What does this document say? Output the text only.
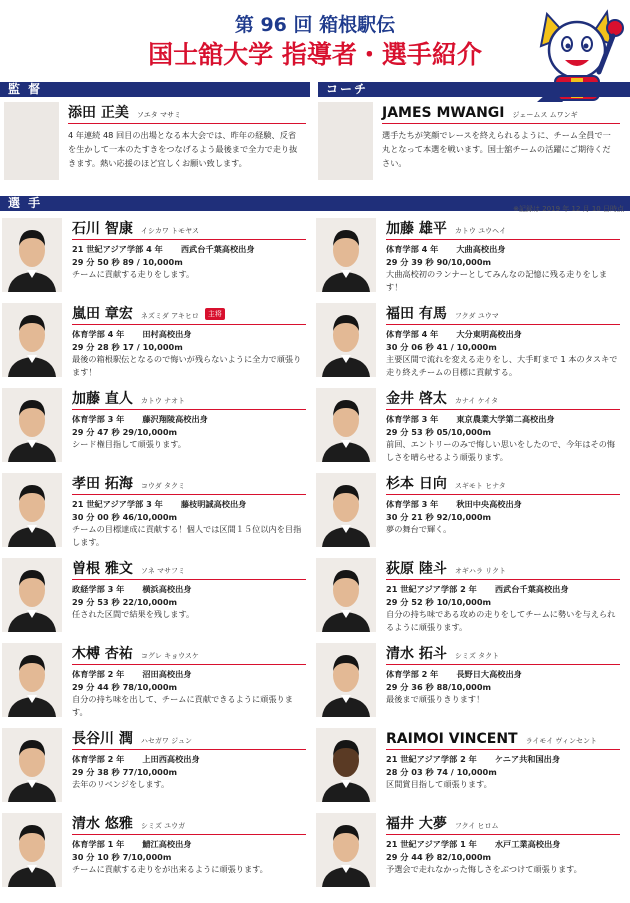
第 96 回 箱根駅伝
国士舘大学 指導者・選手紹介
監 督	コーチ
選 手	※記録は 2019 年 12 月 10 日時点
添田 正美 ソエタ マサミ
4 年連続 48 回目の出場となる本大会では、昨年の経験、反省を生かして一本のたすきをつなげるよう最後まで全力で走り抜きます。熱い応援のほど宜しくお願い致します。
JAMES MWANGI ジェームス ムワンギ
選手たちが笑顔でレースを終えられるように、チーム全員で一丸となって本選を戦います。国士舘チームの活躍にご期待ください。
石川 智康 イシカワ トモヤス
21 世紀アジア学部 4 年 西武台千葉高校出身
29 分 50 秒 89 / 10,000m
チームに貢献する走りをします。
加藤 雄平 カトウ ユウヘイ
体育学部 4 年 大曲高校出身
29 分 39 秒 90/10,000m
大曲高校初のランナーとしてみんなの記憶に残る走りをします！
嵐田 章宏 ネズミダ アキヒロ 主将
体育学部 4 年 田村高校出身
29 分 28 秒 17 / 10,000m
最後の箱根駅伝となるので悔いが残らないように全力で頑張ります！
福田 有馬 フクダ ユウマ
体育学部 4 年 大分東明高校出身
30 分 06 秒 41 / 10,000m
主要区間で流れを変える走りをし、大手町まで 1 本のタスキで走り終えチームの目標に貢献する。
加藤 直人 カトウ ナオト
体育学部 3 年 藤沢翔陵高校出身
29 分 47 秒 29/10,000m
シード権目指して頑張ります。
金井 啓太 カナイ ケイタ
体育学部 3 年 東京農業大学第二高校出身
29 分 53 秒 05/10,000m
前回、エントリーのみで悔しい思いをしたので、今年はその悔しさを晴らせるよう頑張ります。
孝田 拓海 コウダ タクミ
21 世紀アジア学部 3 年 藤枝明誠高校出身
30 分 00 秒 46/10,000m
チームの目標達成に貢献する！個人では区間１５位以内を目指します。
杉本 日向 スギモト ヒナタ
体育学部 3 年 秋田中央高校出身
30 分 21 秒 92/10,000m
夢の舞台で輝く。
曽根 雅文 ソネ マサフミ
政経学部 3 年 横浜高校出身
29 分 53 秒 22/10,000m
任された区間で結果を残します。
荻原 陸斗 オギハラ リクト
21 世紀アジア学部 2 年 西武台千葉高校出身
29 分 52 秒 10/10,000m
自分の持ち味である攻めの走りをしてチームに勢いを与えられるように頑張ります。
木榑 杏祐 コグレ キョウスケ
体育学部 2 年 沼田高校出身
29 分 44 秒 78/10,000m
自分の持ち味を出して、チームに貢献できるように頑張ります。
清水 拓斗 シミズ タクト
体育学部 2 年 長野日大高校出身
29 分 36 秒 88/10,000m
最後まで頑張りきります！
長谷川 潤 ハセガワ ジュン
体育学部 2 年 上田西高校出身
29 分 38 秒 77/10,000m
去年のリベンジをします。
RAIMOI VINCENT ライモイ ヴィンセント
21 世紀アジア学部 2 年 ケニア共和国出身
28 分 03 秒 74 / 10,000m
区間賞目指して頑張ります。
清水 悠雅 シミズ ユウガ
体育学部 1 年 鯖江高校出身
30 分 10 秒 7/10,000m
チームに貢献する走りをが出来るように頑張ります。
福井 大夢 フクイ ヒロム
21 世紀アジア学部 1 年 水戸工業高校出身
29 分 44 秒 82/10,000m
予選会で走れなかった悔しさをぶつけて頑張ります。
